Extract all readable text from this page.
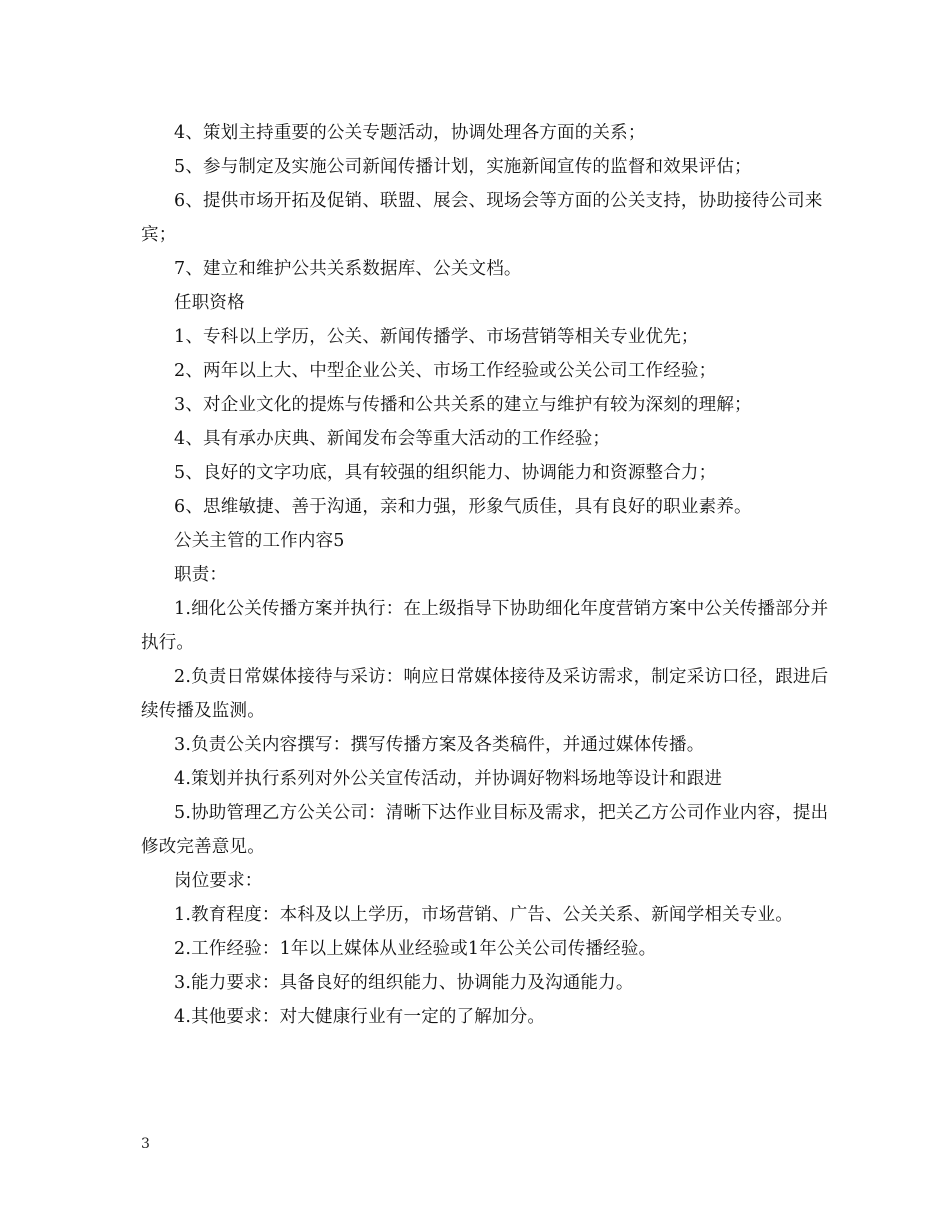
4、策划主持重要的公关专题活动，协调处理各方面的关系；

5、参与制定及实施公司新闻传播计划，实施新闻宣传的监督和效果评估；

6、提供市场开拓及促销、联盟、展会、现场会等方面的公关支持，协助接待公司来宾；

7、建立和维护公共关系数据库、公关文档。

任职资格

1、专科以上学历，公关、新闻传播学、市场营销等相关专业优先；

2、两年以上大、中型企业公关、市场工作经验或公关公司工作经验；

3、对企业文化的提炼与传播和公共关系的建立与维护有较为深刻的理解；

4、具有承办庆典、新闻发布会等重大活动的工作经验；

5、良好的文字功底，具有较强的组织能力、协调能力和资源整合力；

6、思维敏捷、善于沟通，亲和力强，形象气质佳，具有良好的职业素养。

公关主管的工作内容5

职责：

1.细化公关传播方案并执行：在上级指导下协助细化年度营销方案中公关传播部分并执行。

2.负责日常媒体接待与采访：响应日常媒体接待及采访需求，制定采访口径，跟进后续传播及监测。

3.负责公关内容撰写：撰写传播方案及各类稿件，并通过媒体传播。

4.策划并执行系列对外公关宣传活动，并协调好物料场地等设计和跟进

5.协助管理乙方公关公司：清晰下达作业目标及需求，把关乙方公司作业内容，提出修改完善意见。

岗位要求：

1.教育程度：本科及以上学历，市场营销、广告、公关关系、新闻学相关专业。

2.工作经验：1年以上媒体从业经验或1年公关公司传播经验。

3.能力要求：具备良好的组织能力、协调能力及沟通能力。

4.其他要求：对大健康行业有一定的了解加分。

3
